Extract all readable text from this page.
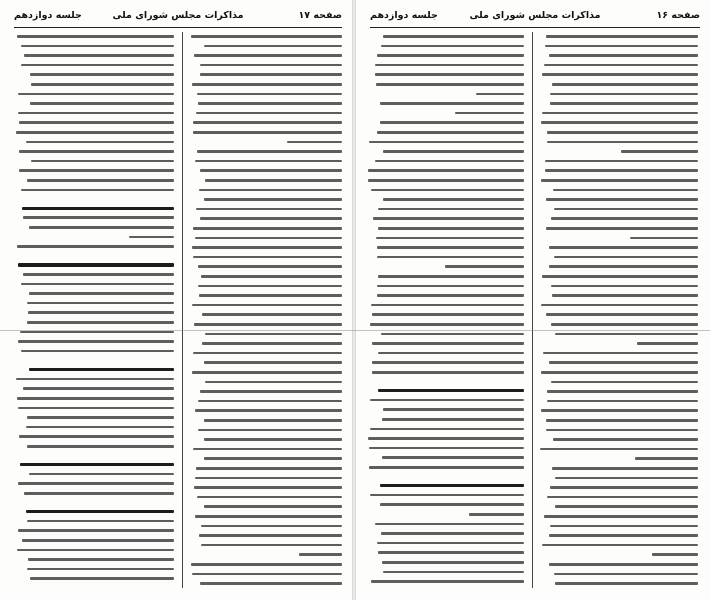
صفحه ۱۷
مذاکرات مجلس شورای ملی
جلسه دوازدهم	صفحه ۱۶
مذاکرات مجلس شورای ملی
جلسه دوازدهم
